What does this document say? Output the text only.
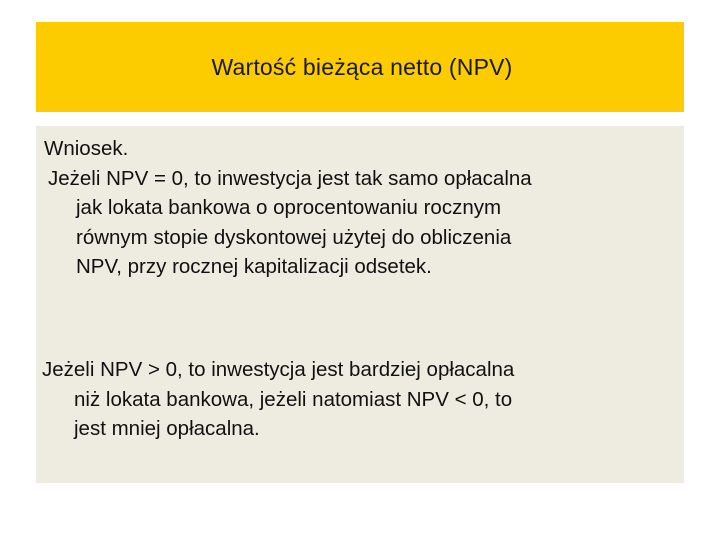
Wartość bieżąca netto (NPV)
Wniosek.
Jeżeli NPV = 0, to inwestycja jest tak samo opłacalna
jak lokata bankowa o oprocentowaniu rocznym
równym stopie dyskontowej użytej do obliczenia
NPV, przy rocznej kapitalizacji odsetek.
Jeżeli NPV > 0, to inwestycja jest bardziej opłacalna
niż lokata bankowa, jeżeli natomiast NPV < 0, to
jest mniej opłacalna.
